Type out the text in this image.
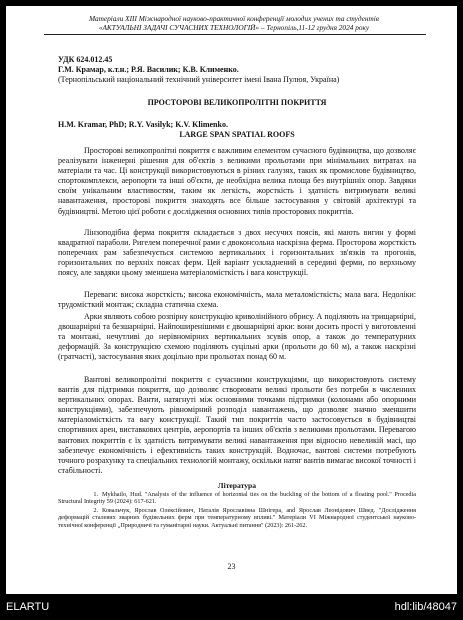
Матеріали XIII Міжнародної науково-практичної конференції молодих учених та студентів
«АКТУАЛЬНІ ЗАДАЧІ СУЧАСНИХ ТЕХНОЛОГІЙ» – Тернопіль,11-12 грудня 2024 року
УДК 624.012.45
Г.М. Крамар, к.т.н.; Р.Я. Василик; К.В. Клименко.
(Тернопільський національний технічний університет імені Івана Пулюя, Україна)
ПРОСТОРОВІ ВЕЛИКОПРОЛІТНІ ПОКРИТТЯ
H.M. Kramar, PhD; R.Y. Vasilyk; K.V. Klimenko.
LARGE SPAN SPATIAL ROOFS

Просторові великопролітні покриття є важливим елементом сучасного будівництва, що дозволяє реалізувати інженерні рішення для об'єктів з великими прольотами при мінімальних витратах на матеріали та час. Ці конструкції використовуються в різних галузях, таких як промислове будівництво, спортокомплекси, аеропорти та інші об'єкти, де необхідна велика площа без внутрішніх опор. Завдяки своїм унікальним властивостям, таким як легкість, жорсткість і здатність витримувати великі навантаження, просторові покриття знаходять все більше застосування у світовій архітектурі та будівництві. Метою цієї роботи є дослідження основних типів просторових покриттів.

Лінзоподібна ферма покриття складається з двох несучих поясів, які мають вигин у формі квадратної параболи. Ригелем поперечної рами є двоконсольна наскрізна ферма. Просторова жорсткість поперечних рам забезпечується системою вертикальних і горизонтальних зв'язків та прогонів, горизонтальних по верхніх поясах ферм. Цей варіант ускладнений в середині ферми, по верхньому поясу, але завдяки цьому зменшена матеріаломісткість і вага конструкції.

Переваги: висока жорсткість; висока економічність, мала металомісткість; мала вага. Недоліки: трудомісткий монтаж; складна статична схема.

Арки являють собою розпірну конструкцію криволінійного обрису. А поділяють на трищарнірні, двошарнірні та безшарнірні. Найпоширенішими є двошарнірні арки: вони досить прості у виготовленні та монтажі, нечутливі до нерівномірних вертикальних зсувів опор, а також до температурних деформацій. За конструкцією схемою поділяють суцільні арки (прольоти до 60 м), а також наскрізні (гратчасті), застосування яких доцільно при прольотах понад 60 м.

Вантові великопролітні покриття є сучасними конструкціями, що використовують систему вантів для підтримки покриття, що дозволяє створювати великі прольоти без потреби в численних вертикальних опорах. Ванти, натягнуті між основними точками підтримки (колонами або опорними конструкціями), забезпечують рівномірний розподіл навантажень, що дозволяє значно зменшити матеріаломісткість та вагу конструкції. Такий тип покриттів часто застосовується в будівництві спортивних арен, виставкових центрів, аеропортів та інших об'єктів з великими прольотами. Перевагою вантових покриттів є їх здатність витримувати великі навантаження при відносно невеликій масі, що забезпечує економічність і ефективність таких конструкцій. Водночас, вантові системи потребують точного розрахунку та спеціальних технологій монтажу, оскільки натяг вантів вимагає високої точності і стабільності.

Література

1. Mykhailo, Hud. "Analysis of the influence of horizontal ties on the buckling of the bottom of a floating pool." Procedia Structural Integrity 59 (2024): 617-621.

2. Ковальчук, Ярослав Олексійович, Наталія Ярославівна Шнігера, and Ярослав Леонідович Швед. "Дослідження деформацій сталевих зварних будівельних ферм при температурному впливі." Матеріали VI Міжнародної студентської науково-технічної конференції „Природничі та гуманітарні науки. Актуальні питання" (2023): 261-262.

23
ELARTU	hdl:lib/48047
